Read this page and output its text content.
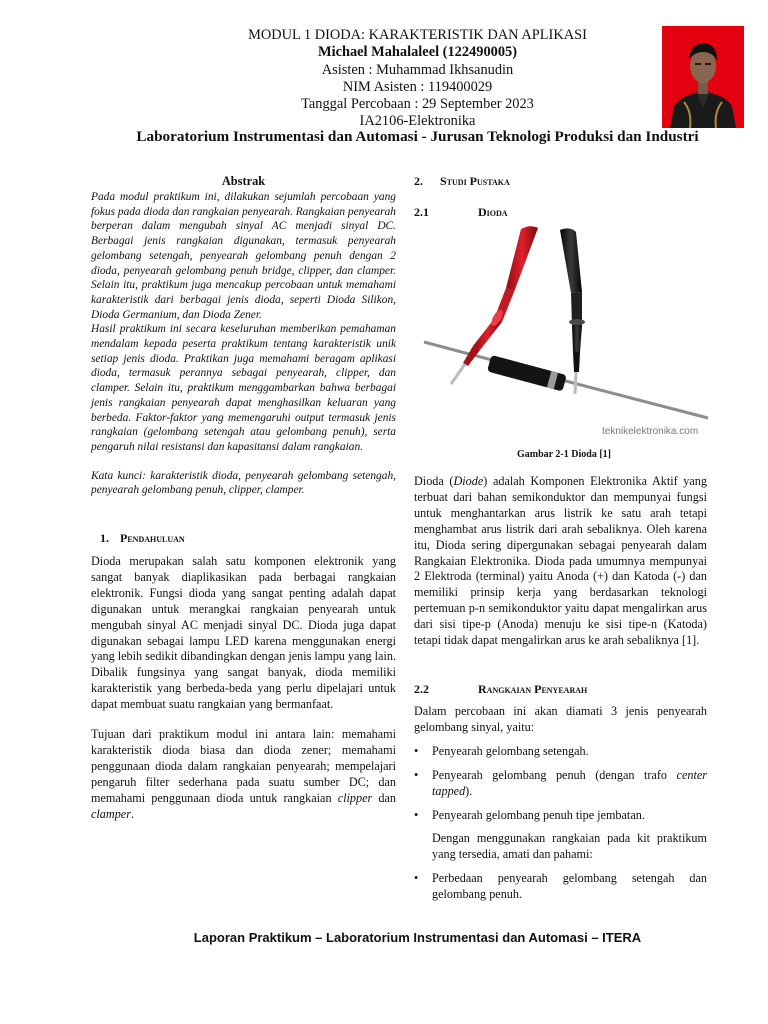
MODUL 1 DIODA: KARAKTERISTIK DAN APLIKASI
Michael Mahalaleel (122490005)
Asisten : Muhammad Ikhsanudin
NIM Asisten : 119400029
Tanggal Percobaan : 29 September 2023
IA2106-Elektronika
Laboratorium Instrumentasi dan Automasi - Jurusan Teknologi Produksi dan Industri
Abstrak

Pada modul praktikum ini, dilakukan sejumlah percobaan yang fokus pada dioda dan rangkaian penyearah. Rangkaian penyearah berperan dalam mengubah sinyal AC menjadi sinyal DC. Berbagai jenis rangkaian digunakan, termasuk penyearah gelombang setengah, penyearah gelombang penuh dengan 2 dioda, penyearah gelombang penuh bridge, clipper, dan clamper. Selain itu, praktikum juga mencakup percobaan untuk memahami karakteristik dari berbagai jenis dioda, seperti Dioda Silikon, Dioda Germanium, dan Dioda Zener.

Hasil praktikum ini secara keseluruhan memberikan pemahaman mendalam kepada peserta praktikum tentang karakteristik unik setiap jenis dioda. Praktikan juga memahami beragam aplikasi dioda, termasuk perannya sebagai penyearah, clipper, dan clamper. Selain itu, praktikum menggambarkan bahwa berbagai jenis rangkaian penyearah dapat menghasilkan keluaran yang berbeda. Faktor-faktor yang memengaruhi output termasuk jenis rangkaian (gelombang setengah atau gelombang penuh), serta pengaruh nilai resistansi dan kapasitansi dalam rangkaian.

Kata kunci: karakteristik dioda, penyearah gelombang setengah, penyearah gelombang penuh, clipper, clamper.

1. Pendahuluan

Dioda merupakan salah satu komponen elektronik yang sangat banyak diaplikasikan pada berbagai rangkaian elektronik. Fungsi dioda yang sangat penting adalah dapat digunakan untuk merangkai rangkaian penyearah untuk mengubah sinyal AC menjadi sinyal DC. Dioda juga dapat digunakan sebagai lampu LED karena menggunakan energi yang lebih sedikit dibandingkan dengan jenis lampu yang lain. Dibalik fungsinya yang sangat banyak, dioda memiliki karakteristik yang berbeda-beda yang perlu dipelajari untuk dapat membuat suatu rangkaian yang bermanfaat.

Tujuan dari praktikum modul ini antara lain: memahami karakteristik dioda biasa dan dioda zener; memahami penggunaan dioda dalam rangkaian penyearah; mempelajari pengaruh filter sederhana pada suatu sumber DC; dan memahami penggunaan dioda untuk rangkaian clipper dan clamper.

2. Studi Pustaka
2.1	Dioda
teknikelektronika.com
Gambar 2-1 Dioda [1]

Dioda (Diode) adalah Komponen Elektronika Aktif yang terbuat dari bahan semikonduktor dan mempunyai fungsi untuk menghantarkan arus listrik ke satu arah tetapi menghambat arus listrik dari arah sebaliknya. Oleh karena itu, Dioda sering dipergunakan sebagai penyearah dalam Rangkaian Elektronika. Dioda pada umumnya mempunyai 2 Elektroda (terminal) yaitu Anoda (+) dan Katoda (-) dan memiliki prinsip kerja yang berdasarkan teknologi pertemuan p-n semikonduktor yaitu dapat mengalirkan arus dari sisi tipe-p (Anoda) menuju ke sisi tipe-n (Katoda) tetapi tidak dapat mengalirkan arus ke arah sebaliknya [1].

2.2	Rangkaian Penyearah

Dalam percobaan ini akan diamati 3 jenis penyearah gelombang sinyal, yaitu:

• Penyearah gelombang setengah.
• Penyearah gelombang penuh (dengan trafo center tapped).
• Penyearah gelombang penuh tipe jembatan.

Dengan menggunakan rangkaian pada kit praktikum yang tersedia, amati dan pahami:

• Perbedaan penyearah gelombang setengah dan gelombang penuh.
Laporan Praktikum – Laboratorium Instrumentasi dan Automasi – ITERA
